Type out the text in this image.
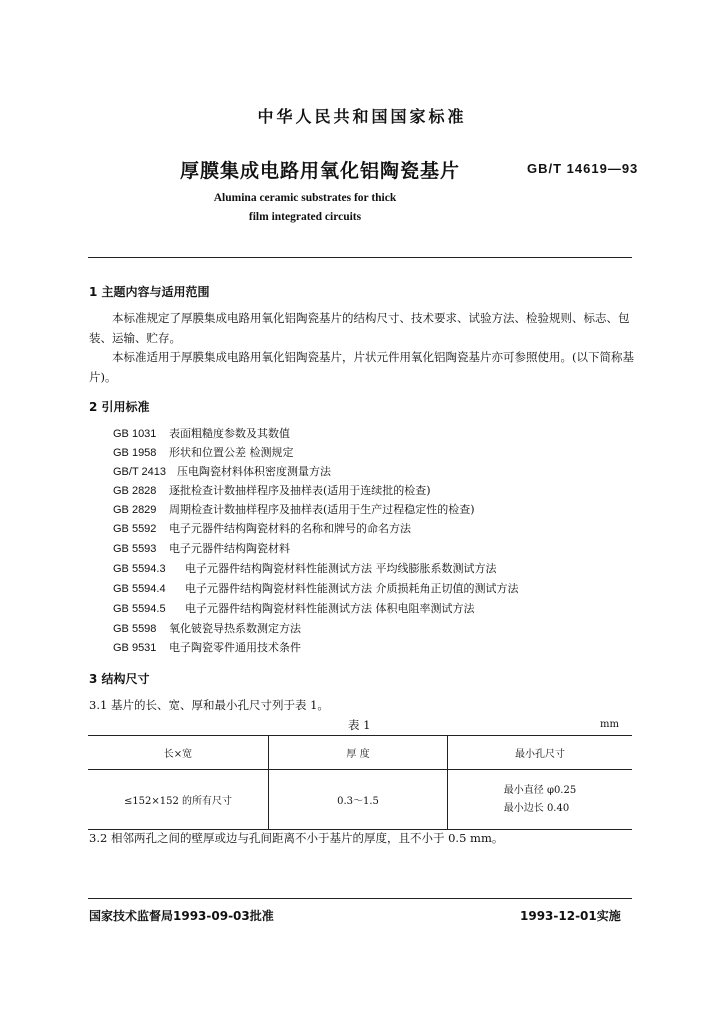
中华人民共和国国家标准
厚膜集成电路用氧化铝陶瓷基片	GB/T 14619—93
Alumina ceramic substrates for thick
film integrated circuits
1 主题内容与适用范围
本标准规定了厚膜集成电路用氧化铝陶瓷基片的结构尺寸、技术要求、试验方法、检验规则、标志、包装、运输、贮存。
本标准适用于厚膜集成电路用氧化铝陶瓷基片，片状元件用氧化铝陶瓷基片亦可参照使用。(以下简称基片)。
2 引用标准
GB 1031 表面粗糙度参数及其数值
GB 1958 形状和位置公差 检测规定
GB/T 2413 压电陶瓷材料体积密度测量方法
GB 2828 逐批检查计数抽样程序及抽样表(适用于连续批的检查)
GB 2829 周期检查计数抽样程序及抽样表(适用于生产过程稳定性的检查)
GB 5592 电子元器件结构陶瓷材料的名称和牌号的命名方法
GB 5593 电子元器件结构陶瓷材料
GB 5594.3 电子元器件结构陶瓷材料性能测试方法 平均线膨胀系数测试方法
GB 5594.4 电子元器件结构陶瓷材料性能测试方法 介质损耗角正切值的测试方法
GB 5594.5 电子元器件结构陶瓷材料性能测试方法 体积电阻率测试方法
GB 5598 氧化铍瓷导热系数测定方法
GB 9531 电子陶瓷零件通用技术条件
3 结构尺寸
3.1 基片的长、宽、厚和最小孔尺寸列于表 1。
表 1	mm
长×宽	厚 度	最小孔尺寸
≤152×152 的所有尺寸	0.3～1.5	最小直径 φ0.25
最小边长 0.40
3.2 相邻两孔之间的壁厚或边与孔间距离不小于基片的厚度，且不小于 0.5 mm。
国家技术监督局1993-09-03批准	1993-12-01实施
